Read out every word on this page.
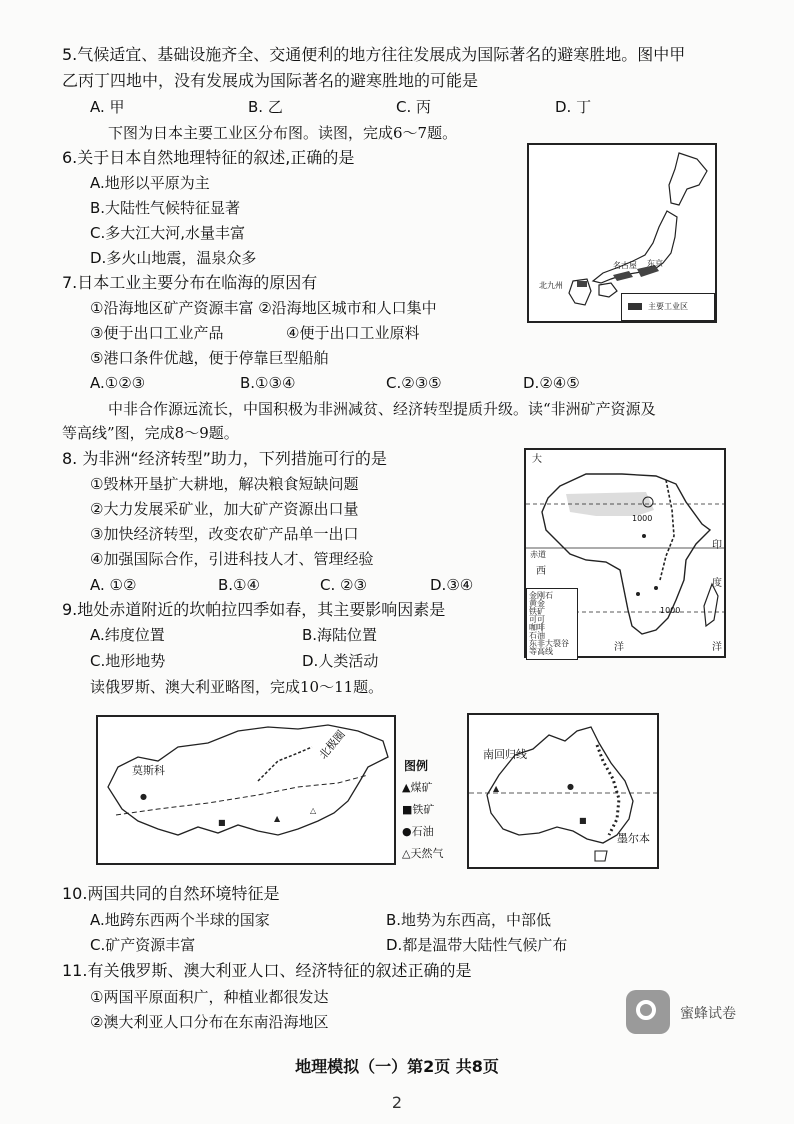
5.气候适宜、基础设施齐全、交通便利的地方往往发展成为国际著名的避寒胜地。图中甲
乙丙丁四地中，没有发展成为国际著名的避寒胜地的可能是
A. 甲	B. 乙	C. 丙	D. 丁
下图为日本主要工业区分布图。读图，完成6～7题。
6.关于日本自然地理特征的叙述,正确的是
A.地形以平原为主
B.大陆性气候特征显著
C.多大江大河,水量丰富
D.多火山地震，温泉众多
7.日本工业主要分布在临海的原因有
①沿海地区矿产资源丰富 ②沿海地区城市和人口集中
③便于出口工业产品	④便于出口工业原料
⑤港口条件优越，便于停靠巨型船舶
A.①②③	B.①③④	C.②③⑤	D.②④⑤
中非合作源远流长，中国积极为非洲减贫、经济转型提质升级。读“非洲矿产资源及
等高线”图，完成8～9题。
8. 为非洲“经济转型”助力，下列措施可行的是
①毁林开垦扩大耕地，解决粮食短缺问题
②大力发展采矿业，加大矿产资源出口量
③加快经济转型，改变农矿产品单一出口
④加强国际合作，引进科技人才、管理经验
A. ①②	B.①④	C. ②③	D.③④
9.地处赤道附近的坎帕拉四季如春，其主要影响因素是
A.纬度位置	B.海陆位置
C.地形地势	D.人类活动
读俄罗斯、澳大利亚略图，完成10～11题。
10.两国共同的自然环境特征是
A.地跨东西两个半球的国家	B.地势为东西高，中部低
C.矿产资源丰富	D.都是温带大陆性气候广布
11.有关俄罗斯、澳大利亚人口、经济特征的叙述正确的是
①两国平原面积广，种植业都很发达
②澳大利亚人口分布在东南沿海地区
北九州
名古屋 东京
主要工业区
大
西
洋
印
度
洋
赤道
1000
1000
金刚石
黄金
铁矿
可可
咖啡
石油
东非大裂谷
等高线
■	▲
●
△
莫斯科
北极圈
图例
▲煤矿
■铁矿
●石油
△天然气
▲	●
■
南回归线
墨尔本
蜜蜂试卷
地理模拟（一）第2页 共8页
2
